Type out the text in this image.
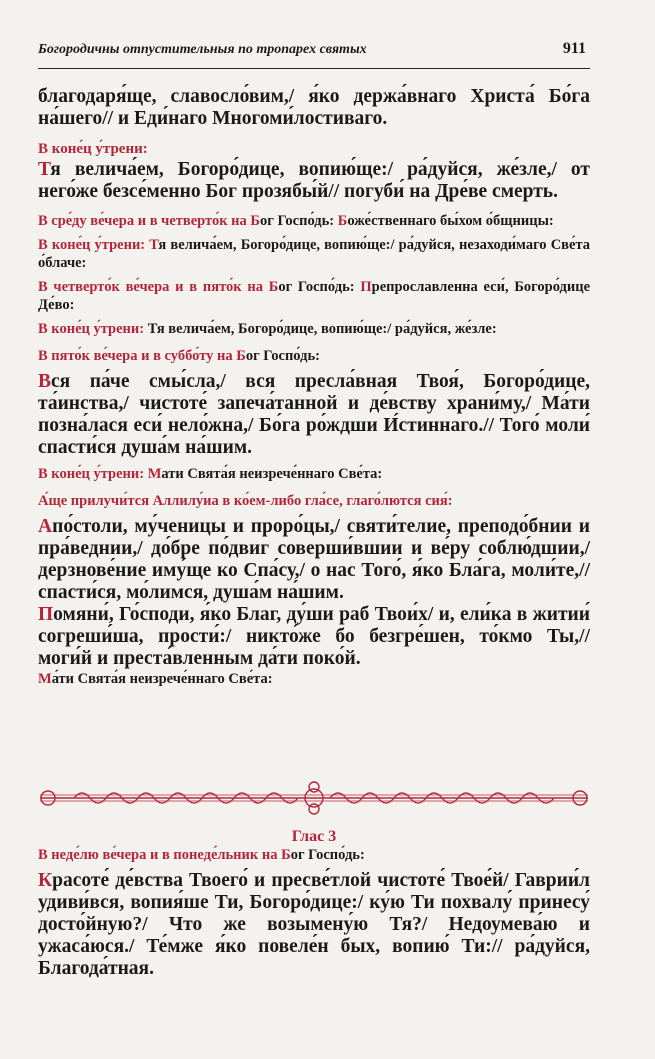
Богородичны отпустительныя по тропарех святых	911

благодаря́ще, славосло́вим,/ я́ко держа́внаго Христа́ Бо́га на́шего// и Еди́наго Многоми́лостиваго.

В коне́ц у́трени:

Тя велича́ем, Богоро́дице, вопию́ще:/ ра́дуйся, же́зле,/ от него́же безсе́менно Бог прозябы́й// погуби́ на Дре́ве смерть.

В сре́ду ве́чера и в четверто́к на Бог Госпо́дь: Боже́ственнаго бы́хом о́бщницы:

В коне́ц у́трени: Тя велича́ем, Богоро́дице, вопию́ще:/ ра́дуйся, незаходи́маго Све́та о́блаче:

В четверто́к ве́чера и в пято́к на Бог Госпо́дь: Препрославленна еси́, Богоро́дице Де́во:

В коне́ц у́трени: Тя велича́ем, Богоро́дице, вопию́ще:/ ра́дуйся, же́зле:

В пято́к ве́чера и в суббо́ту на Бог Госпо́дь:

Вся па́че смы́сла,/ вся пресла́вная Твоя́, Богоро́дице, та́инства,/ чистоте́ запеча́танной и де́вству храни́му,/ Ма́ти позна́лася еси́ нело́жна,/ Бо́га ро́ждши И́стиннаго.// Того́ моли́ спасти́ся душа́м на́шим.

В коне́ц у́трени: Мати Свята́я неизрече́ннаго Све́та:

А́ще прилучи́тся Аллилу́иа в ко́ем-либо гла́се, глаго́лются сия́:

Апо́столи, му́ченицы и проро́цы,/ святи́телие, преподо́бнии и пра́веднии,/ до́бре по́двиг соверши́вшии и ве́ру соблю́дшии,/ дерзнове́ние иму́ще ко Спа́су,/ о нас Того́, я́ко Бла́га, моли́те,// спасти́ся, мо́лимся, душа́м на́шим.

Помяни́, Го́споди, я́ко Благ, ду́ши раб Твои́х/ и, ели́ка в житии́ согреши́ша, прости́:/ никто́же бо безгре́шен, то́кмо Ты,// моги́й и преста́вленным да́ти поко́й.

Ма́ти Свята́я неизрече́ннаго Све́та:

Глас 3

В неде́лю ве́чера и в понеде́льник на Бог Госпо́дь:

Красоте́ де́вства Твоего́ и пресве́тлой чистоте́ Твое́й/ Гаврии́л удиви́вся, вопия́ше Ти, Богоро́дице:/ ку́ю Ти похвалу́ принесу́ досто́йную?/ Что же возымену́ю Тя?/ Недоумева́ю и ужаса́юся./ Те́мже я́ко повеле́н бых, вопию́ Ти:// ра́дуйся, Благода́тная.
